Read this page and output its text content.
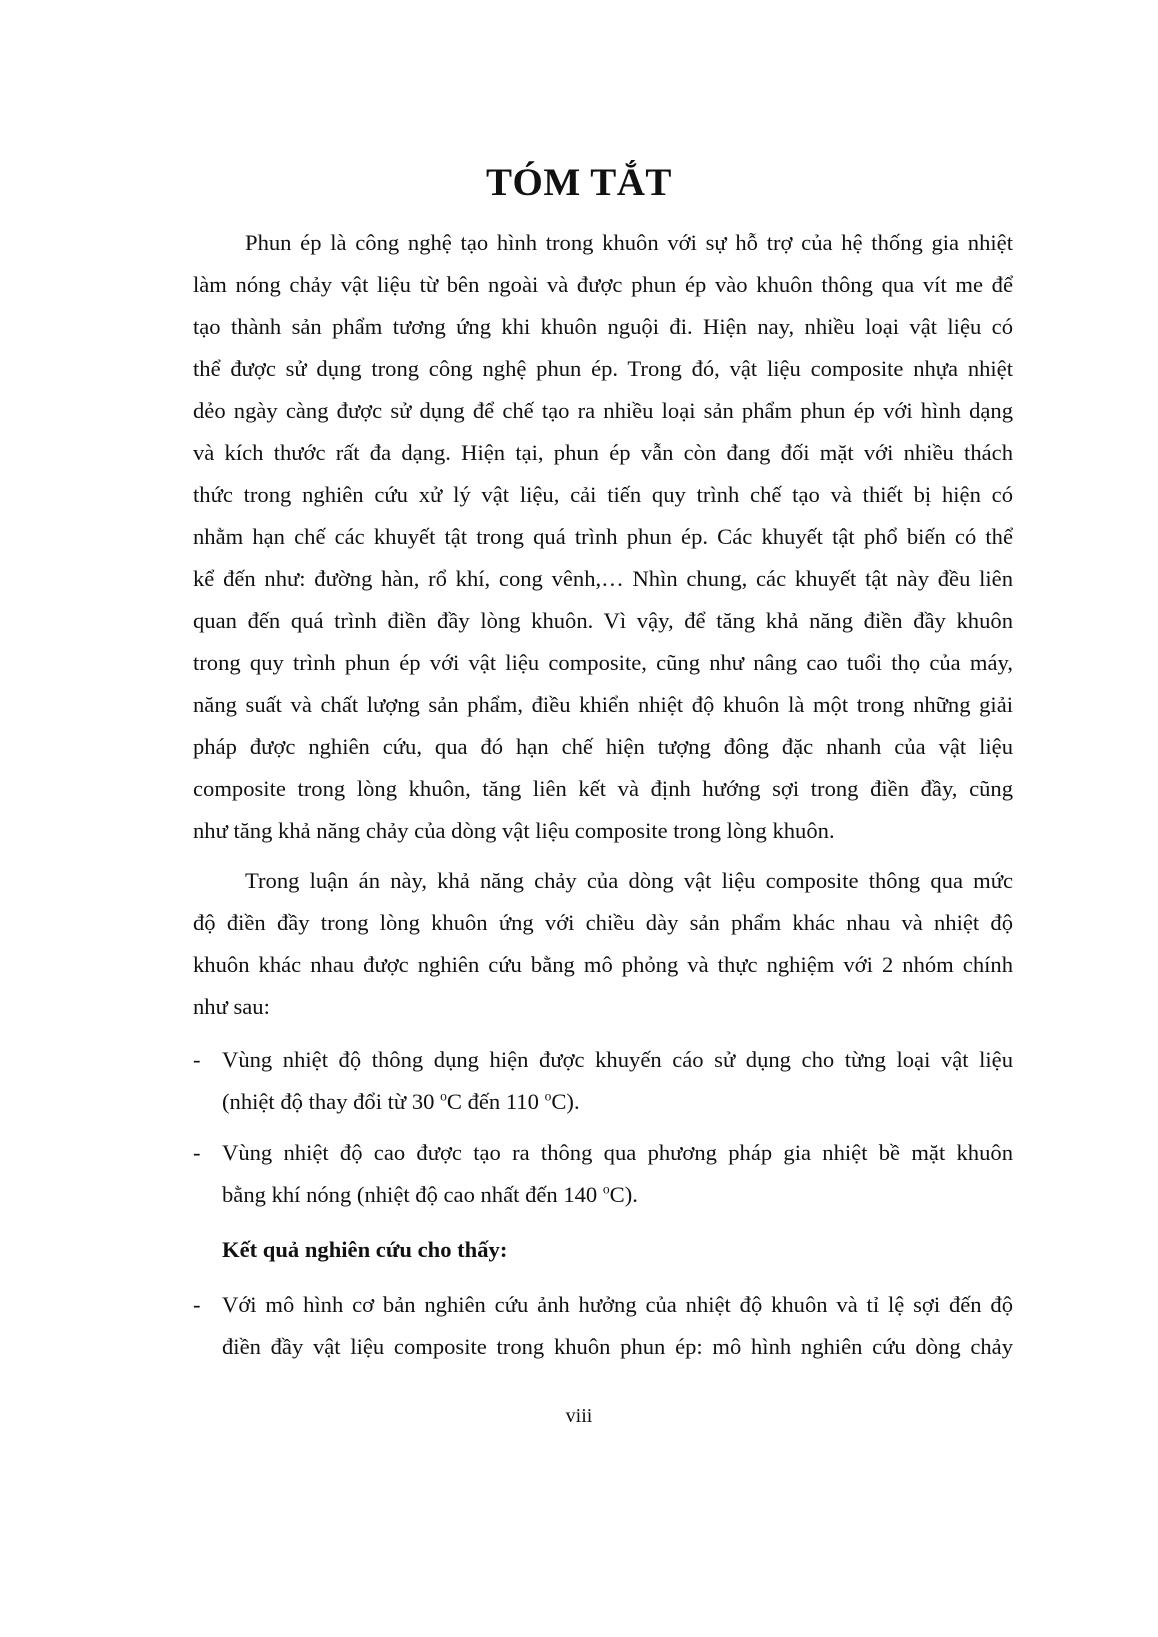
TÓM TẮT
Phun ép là công nghệ tạo hình trong khuôn với sự hỗ trợ của hệ thống gia nhiệt
làm nóng chảy vật liệu từ bên ngoài và được phun ép vào khuôn thông qua vít me để
tạo thành sản phẩm tương ứng khi khuôn nguội đi. Hiện nay, nhiều loại vật liệu có
thể được sử dụng trong công nghệ phun ép. Trong đó, vật liệu composite nhựa nhiệt
dẻo ngày càng được sử dụng để chế tạo ra nhiều loại sản phẩm phun ép với hình dạng
và kích thước rất đa dạng. Hiện tại, phun ép vẫn còn đang đối mặt với nhiều thách
thức trong nghiên cứu xử lý vật liệu, cải tiến quy trình chế tạo và thiết bị hiện có
nhằm hạn chế các khuyết tật trong quá trình phun ép. Các khuyết tật phổ biến có thể
kể đến như: đường hàn, rổ khí, cong vênh,… Nhìn chung, các khuyết tật này đều liên
quan đến quá trình điền đầy lòng khuôn. Vì vậy, để tăng khả năng điền đầy khuôn
trong quy trình phun ép với vật liệu composite, cũng như nâng cao tuổi thọ của máy,
năng suất và chất lượng sản phẩm, điều khiển nhiệt độ khuôn là một trong những giải
pháp được nghiên cứu, qua đó hạn chế hiện tượng đông đặc nhanh của vật liệu
composite trong lòng khuôn, tăng liên kết và định hướng sợi trong điền đầy, cũng
như tăng khả năng chảy của dòng vật liệu composite trong lòng khuôn.
Trong luận án này, khả năng chảy của dòng vật liệu composite thông qua mức
độ điền đầy trong lòng khuôn ứng với chiều dày sản phẩm khác nhau và nhiệt độ
khuôn khác nhau được nghiên cứu bằng mô phỏng và thực nghiệm với 2 nhóm chính
như sau:
- Vùng nhiệt độ thông dụng hiện được khuyến cáo sử dụng cho từng loại vật liệu
(nhiệt độ thay đổi từ 30 $^o$C đến 110 $^o$C).
- Vùng nhiệt độ cao được tạo ra thông qua phương pháp gia nhiệt bề mặt khuôn
bằng khí nóng (nhiệt độ cao nhất đến 140 $^o$C).
Kết quả nghiên cứu cho thấy:
- Với mô hình cơ bản nghiên cứu ảnh hưởng của nhiệt độ khuôn và tỉ lệ sợi đến độ
điền đầy vật liệu composite trong khuôn phun ép: mô hình nghiên cứu dòng chảy
viii
